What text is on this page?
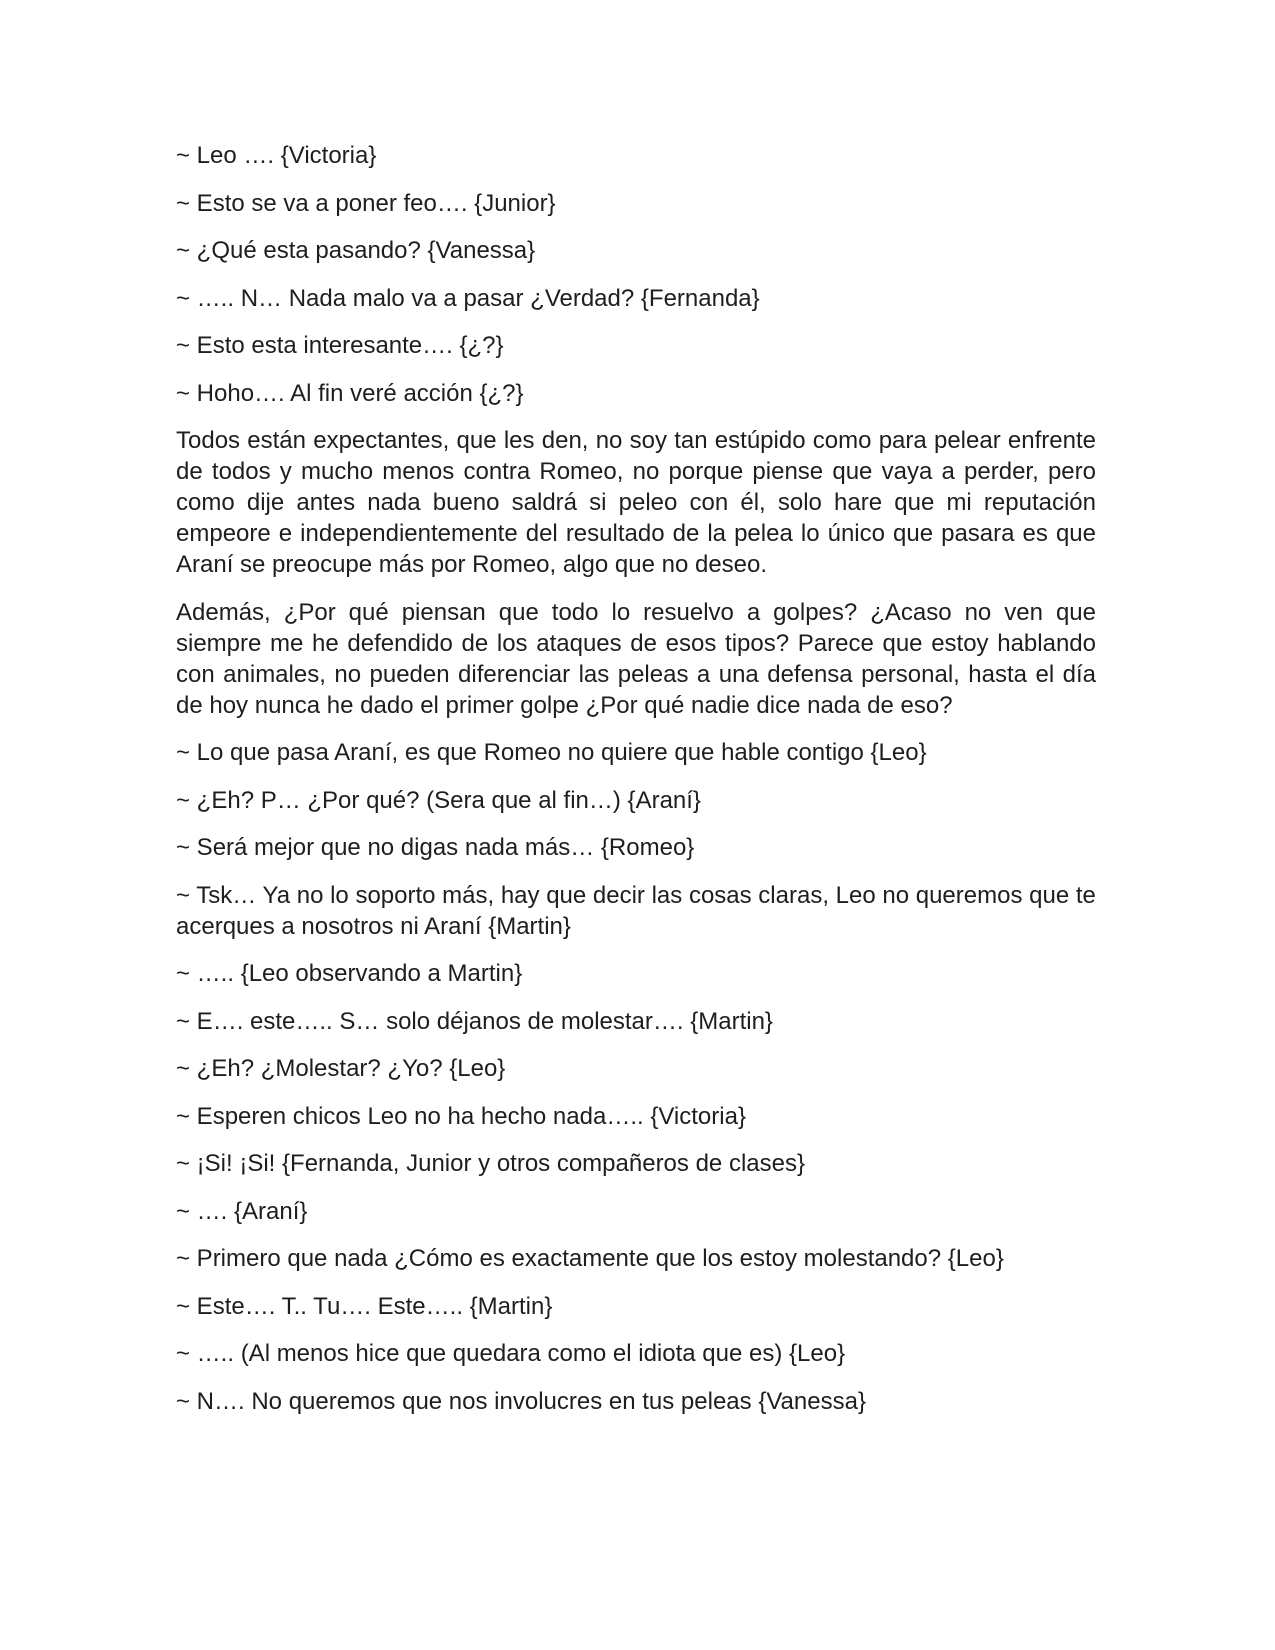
~ Leo …. {Victoria}

~ Esto se va a poner feo…. {Junior}

~ ¿Qué esta pasando? {Vanessa}

~ ….. N… Nada malo va a pasar ¿Verdad? {Fernanda}

~ Esto esta interesante…. {¿?}

~ Hoho…. Al fin veré acción {¿?}

Todos están expectantes, que les den, no soy tan estúpido como para pelear enfrente de todos y mucho menos contra Romeo, no porque piense que vaya a perder, pero como dije antes nada bueno saldrá si peleo con él, solo hare que mi reputación empeore e independientemente del resultado de la pelea lo único que pasara es que Araní se preocupe más por Romeo, algo que no deseo.

Además, ¿Por qué piensan que todo lo resuelvo a golpes? ¿Acaso no ven que siempre me he defendido de los ataques de esos tipos? Parece que estoy hablando con animales, no pueden diferenciar las peleas a una defensa personal, hasta el día de hoy nunca he dado el primer golpe ¿Por qué nadie dice nada de eso?

~ Lo que pasa Araní, es que Romeo no quiere que hable contigo {Leo}

~ ¿Eh? P… ¿Por qué? (Sera que al fin…) {Araní}

~ Será mejor que no digas nada más… {Romeo}

~ Tsk… Ya no lo soporto más, hay que decir las cosas claras, Leo no queremos que te acerques a nosotros ni Araní {Martin}

~ ….. {Leo observando a Martin}

~ E…. este….. S… solo déjanos de molestar…. {Martin}

~ ¿Eh? ¿Molestar? ¿Yo? {Leo}

~ Esperen chicos Leo no ha hecho nada….. {Victoria}

~ ¡Si! ¡Si! {Fernanda, Junior y otros compañeros de clases}

~ …. {Araní}

~ Primero que nada ¿Cómo es exactamente que los estoy molestando? {Leo}

~ Este…. T.. Tu…. Este….. {Martin}

~ ….. (Al menos hice que quedara como el idiota que es) {Leo}

~ N…. No queremos que nos involucres en tus peleas {Vanessa}
